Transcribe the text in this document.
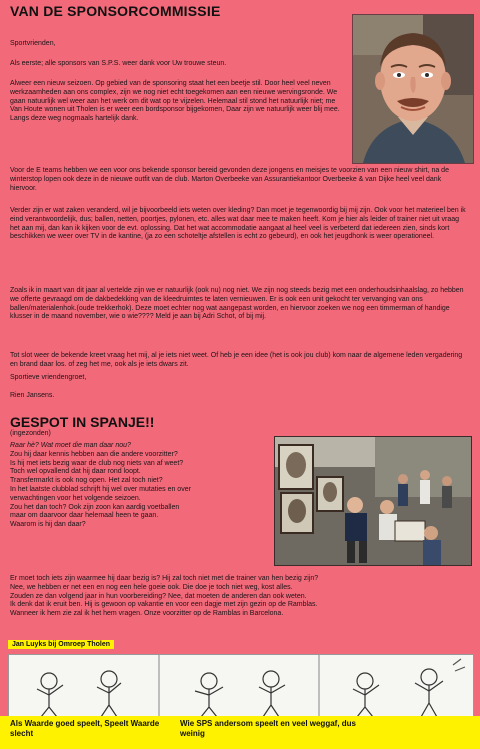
VAN DE SPONSORCOMMISSIE

Sportvrienden,

Als eerste; alle sponsors van S.P.S. weer dank voor Uw trouwe steun.

Alweer een nieuw seizoen. Op gebied van de sponsoring staat het een beetje stil. Door heel veel neven werkzaamheden aan ons complex, zijn we nog niet echt toegekomen aan een nieuwe wervingsronde. We gaan natuurlijk wel weer aan het werk om dit wat op te vijzelen. Helemaal stil stond het natuurlijk niet; me Van Houte wonen uit Tholen is er weer een bordsponsor bijgekomen, Daar zijn we natuurlijk weer blij mee. Langs deze weg nogmaals hartelijk dank.

Voor de E teams hebben we een voor ons bekende sponsor bereid gevonden deze jongens en meisjes te voorzien van een nieuw shirt, na de winterstop lopen ook deze in de nieuwe outfit van de club. Marton Overbeeke van Assurantiekantoor Overbeeke & van Dijke heel veel dank hiervoor.

Verder zijn er wat zaken veranderd, wil je bijvoorbeeld iets weten over kleding? Dan moet je tegenwoordig bij mij zijn. Ook voor het materieel ben ik eind verantwoordelijk, dus; ballen, netten, poortjes, pylonen, etc. alles wat daar mee te maken heeft. Kom je hier als leider of trainer niet uit vraag het aan mij, dan kan ik kijken voor de evt. oplossing. Dat het wat accommodatie aangaat al heel veel is verbeterd dat iedereen zien, sinds kort beschikken we weer over TV in de kantine, (ja zo een schoteltje afstellen is echt zo gebeurd), en ook het jeugdhonk is weer operationeel.

Zoals ik in maart van dit jaar al vertelde zijn we er natuurlijk (ook nu) nog niet. We zijn nog steeds bezig met een onderhoudsinhaalslag, zo hebben we offerte gevraagd om de dakbedekking van de kleedruimtes te laten vernieuwen. Er is ook een unit gekocht ter vervanging van ons ballen/materialenhok.(oude trekkerhok). Deze moet echter nog wat aangepast worden, en hiervoor zoeken we nog een timmerman of handige klusser in de maand november, wie o wie???? Meld je aan bij Adri Schot, of bij mij.

Tot slot weer de bekende kreet vraag het mij, al je iets niet weet. Of heb je een idee (het is ook jou club) kom naar de algemene leden vergadering en brand daar los. of zeg het me, ook als je iets dwars zit.

Sportieve vriendengroet,

Rien Jansens.

GESPOT IN SPANJE!!
(ingezonden)
Raar hè? Wat moet die man daar nou?
Zou hij daar kennis hebben aan die andere voorzitter?
Is hij met iets bezig waar de club nog niets van af weet?
Toch wel opvallend dat hij daar rond loopt.
Transfermarkt is ook nog open. Het zal toch niet?
In het laatste clubblad schrijft hij wel over mutaties en over
verwachtingen voor het volgende seizoen.
Zou het dan toch? Ook zijn zoon kan aardig voetballen
maar om daarvoor daar helemaal heen te gaan.
Waarom is hij dan daar?
Er moet toch iets zijn waarmee hij daar bezig is? Hij zal toch niet met die trainer van hen bezig zijn?
Nee, we hebben er net een en nog een hele goeie ook. Die doe je toch niet weg, kost alles.
Zouden ze dan volgend jaar in hun voorbereiding? Nee, dat moeten de anderen dan ook weten.
Ik denk dat ik eruit ben. Hij is gewoon op vakantie en voor een dagje met zijn gezin op de Ramblas.
Wanneer ik hem zie zal ik het hem vragen. Onze voorzitter op de Ramblas in Barcelona.
Jan Luyks bij Omroep Tholen
Als Waarde goed speelt, Speelt Waarde slecht
Wie SPS andersom speelt en veel weggaf, dus weinig
